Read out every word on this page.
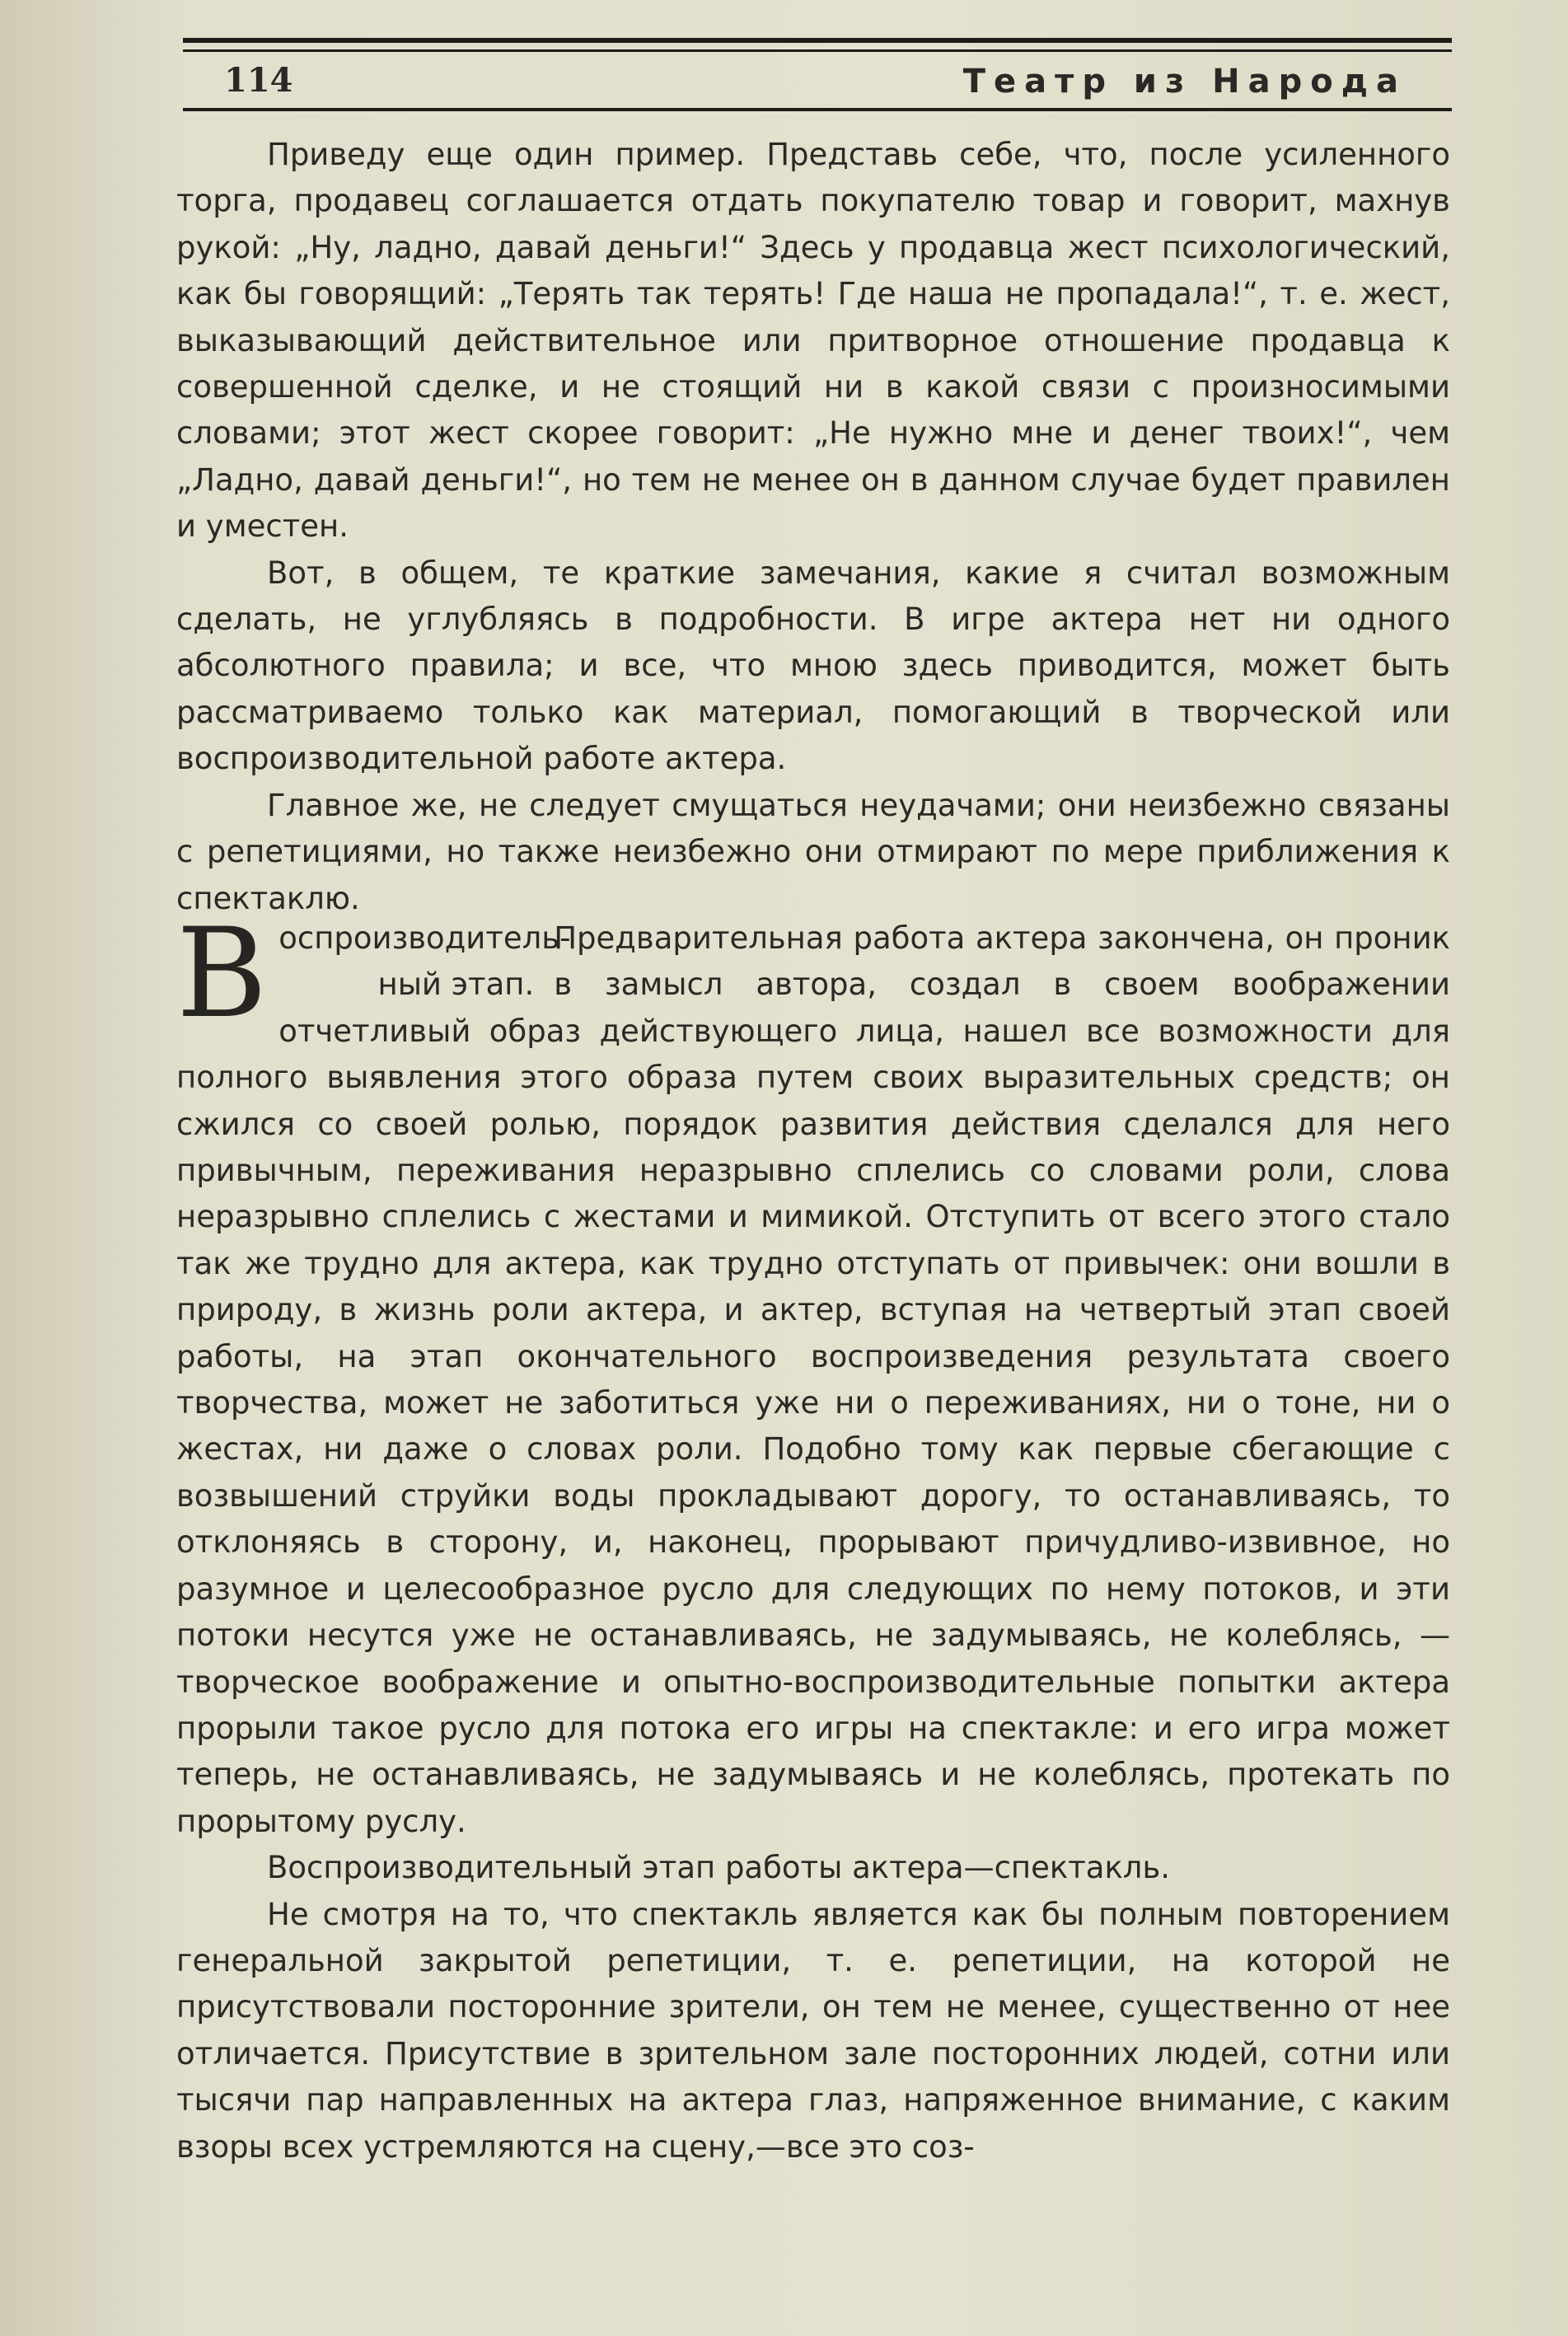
114	Театр из Народа

Приведу еще один пример. Представь себе, что, после усиленного торга, продавец соглашается отдать покупателю товар и говорит, махнув рукой: „Ну, ладно, давай деньги!“ Здесь у продавца жест психологический, как бы говорящий: „Терять так терять! Где наша не пропадала!“, т. е. жест, выказывающий действительное или притворное отношение продавца к совершенной сделке, и не стоящий ни в какой связи с произносимыми словами; этот жест скорее говорит: „Не нужно мне и денег твоих!“, чем „Ладно, давай деньги!“, но тем не менее он в данном случае будет правилен и уместен.

Вот, в общем, те краткие замечания, какие я считал возможным сделать, не углубляясь в подробности. В игре актера нет ни одного абсолютного правила; и все, что мною здесь приводится, может быть рассматриваемо только как материал, помогающий в творческой или воспроизводительной работе актера.

Главное же, не следует смущаться неудачами; они неизбежно связаны с репетициями, но также неизбежно они отмирают по мере приближения к спектаклю.

В оспроизводитель- ный этап.

Предварительная работа актера закончена, он проник в замысл автора, создал в своем воображении отчетливый образ действующего лица, нашел все возможности для полного выявления этого образа путем своих выразительных средств; он сжился со своей ролью, порядок развития действия сделался для него привычным, переживания неразрывно сплелись со словами роли, слова неразрывно сплелись с жестами и мимикой. Отступить от всего этого стало так же трудно для актера, как трудно отступать от привычек: они вошли в природу, в жизнь роли актера, и актер, вступая на четвертый этап своей работы, на этап окончательного воспроизведения результата своего творчества, может не заботиться уже ни о переживаниях, ни о тоне, ни о жестах, ни даже о словах роли. Подобно тому как первые сбегающие с возвышений струйки воды прокладывают дорогу, то останавливаясь, то отклоняясь в сторону, и, наконец, прорывают причудливо-извивное, но разумное и целесообразное русло для следующих по нему потоков, и эти потоки несутся уже не останавливаясь, не задумываясь, не колеблясь, —творческое воображение и опытно-воспроизводительные попытки актера прорыли такое русло для потока его игры на спектакле: и его игра может теперь, не останавливаясь, не задумываясь и не колеблясь, протекать по прорытому руслу.

Воспроизводительный этап работы актера—спектакль.

Не смотря на то, что спектакль является как бы полным повторением генеральной закрытой репетиции, т. е. репетиции, на которой не присутствовали посторонние зрители, он тем не менее, существенно от нее отличается. Присутствие в зрительном зале посторонних людей, сотни или тысячи пар направленных на актера глаз, напряженное внимание, с каким взоры всех устремляются на сцену,—все это соз-
